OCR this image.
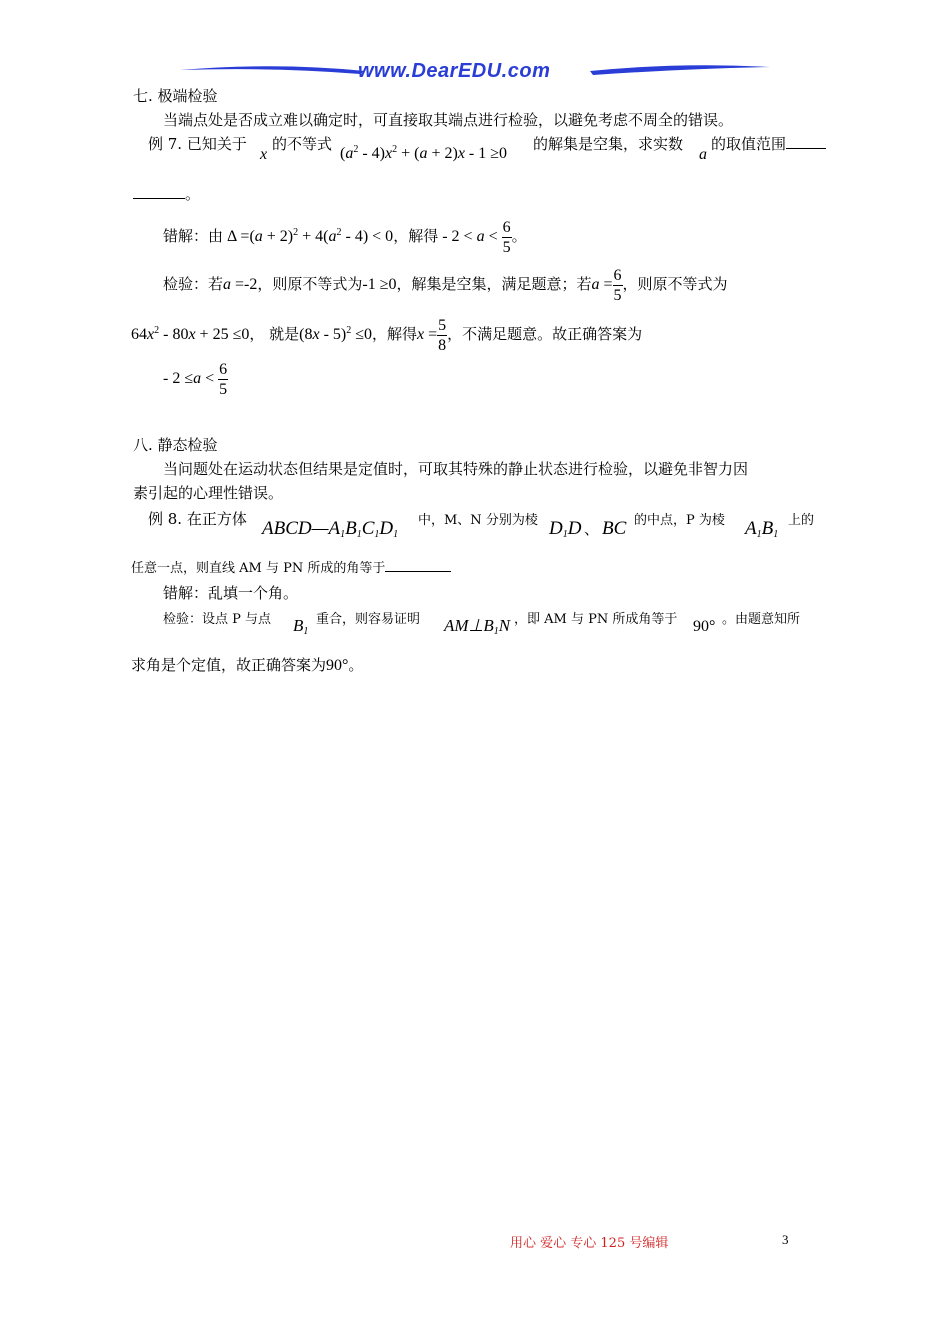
www.DearEDU.com
七. 极端检验
当端点处是否成立难以确定时，可直接取其端点进行检验，以避免考虑不周全的错误。
例 7. 已知关于
x
的不等式
$(a^2 - 4)x^2 + (a + 2)x - 1 \ge 0$
的解集是空集，求实数
a
的取值范围
。
错解：由 $\Delta =(a + 2)^2 + 4(a^2 - 4) < 0$，解得 - $2 < a < \frac{6}{5}$ 。
检验：若a =-2，则原不等式为-1 ≥0，解集是空集，满足题意；若$a = \frac{6}{5}$ ，则原不等式为
$64x^2 - 80x + 25 \le 0$， 就是(8x - 5)$^2$ ≤0，解得$x = \frac{5}{8}$ ，不满足题意。故正确答案为
- $2 \le a < \frac{6}{5}$
八. 静态检验
当问题处在运动状态但结果是定值时，可取其特殊的静止状态进行检验，以避免非智力因
素引起的心理性错误。
例 8. 在正方体 $ABCD—A_1B_1C_1D_1$
中，M、N 分别为棱 $D_1D$ 、 BC 的中点，P 为棱 $A_1B_1$
上的
任意一点，则直线 AM 与 PN 所成的角等于
错解：乱填一个角。
检验：设点 P 与点 $B_1$
重合，则容易证明 $AM\perp B_1N$ ，即 AM 与 PN 所成角等于 90° 。由题意知所
求角是个定值，故正确答案为90°。
用心 爱心 专心 125 号编辑	3
